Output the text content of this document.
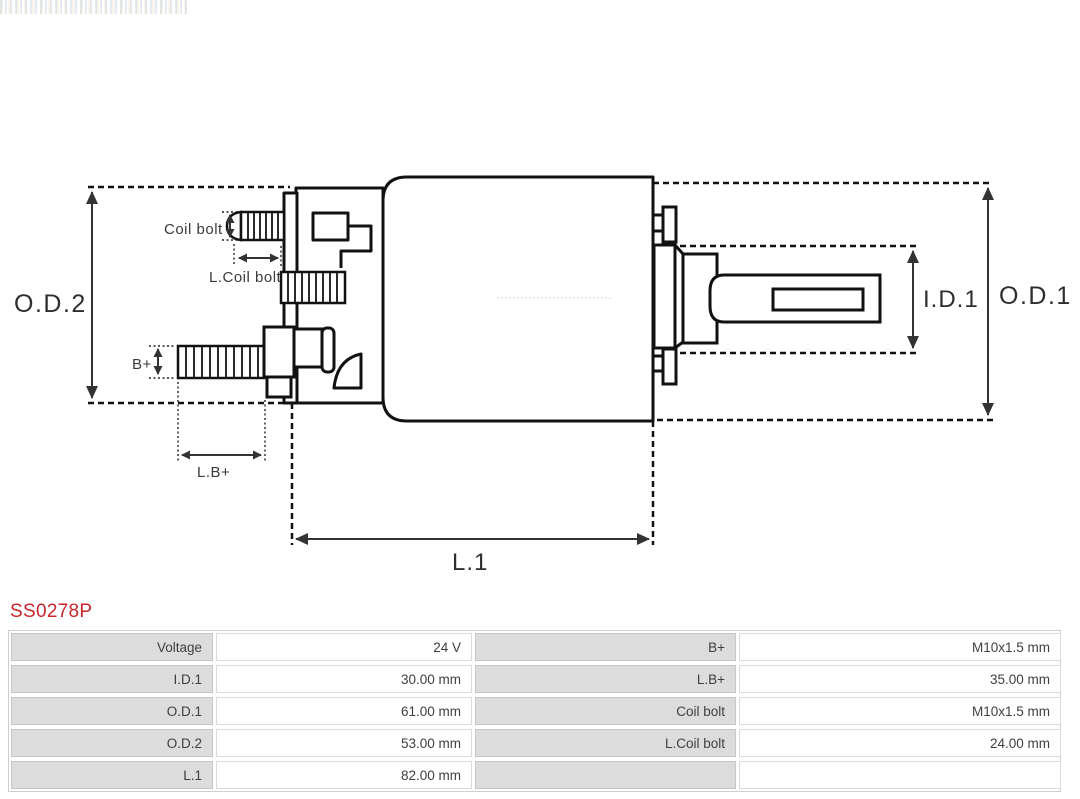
O.D.2	O.D.1
I.D.1
L.1
Coil bolt
L.Coil bolt
B+
L.B+
SS0278P
Voltage	24 V	B+	M10x1.5 mm
I.D.1	30.00 mm	L.B+	35.00 mm
O.D.1	61.00 mm	Coil bolt	M10x1.5 mm
O.D.2	53.00 mm	L.Coil bolt	24.00 mm
L.1	82.00 mm
